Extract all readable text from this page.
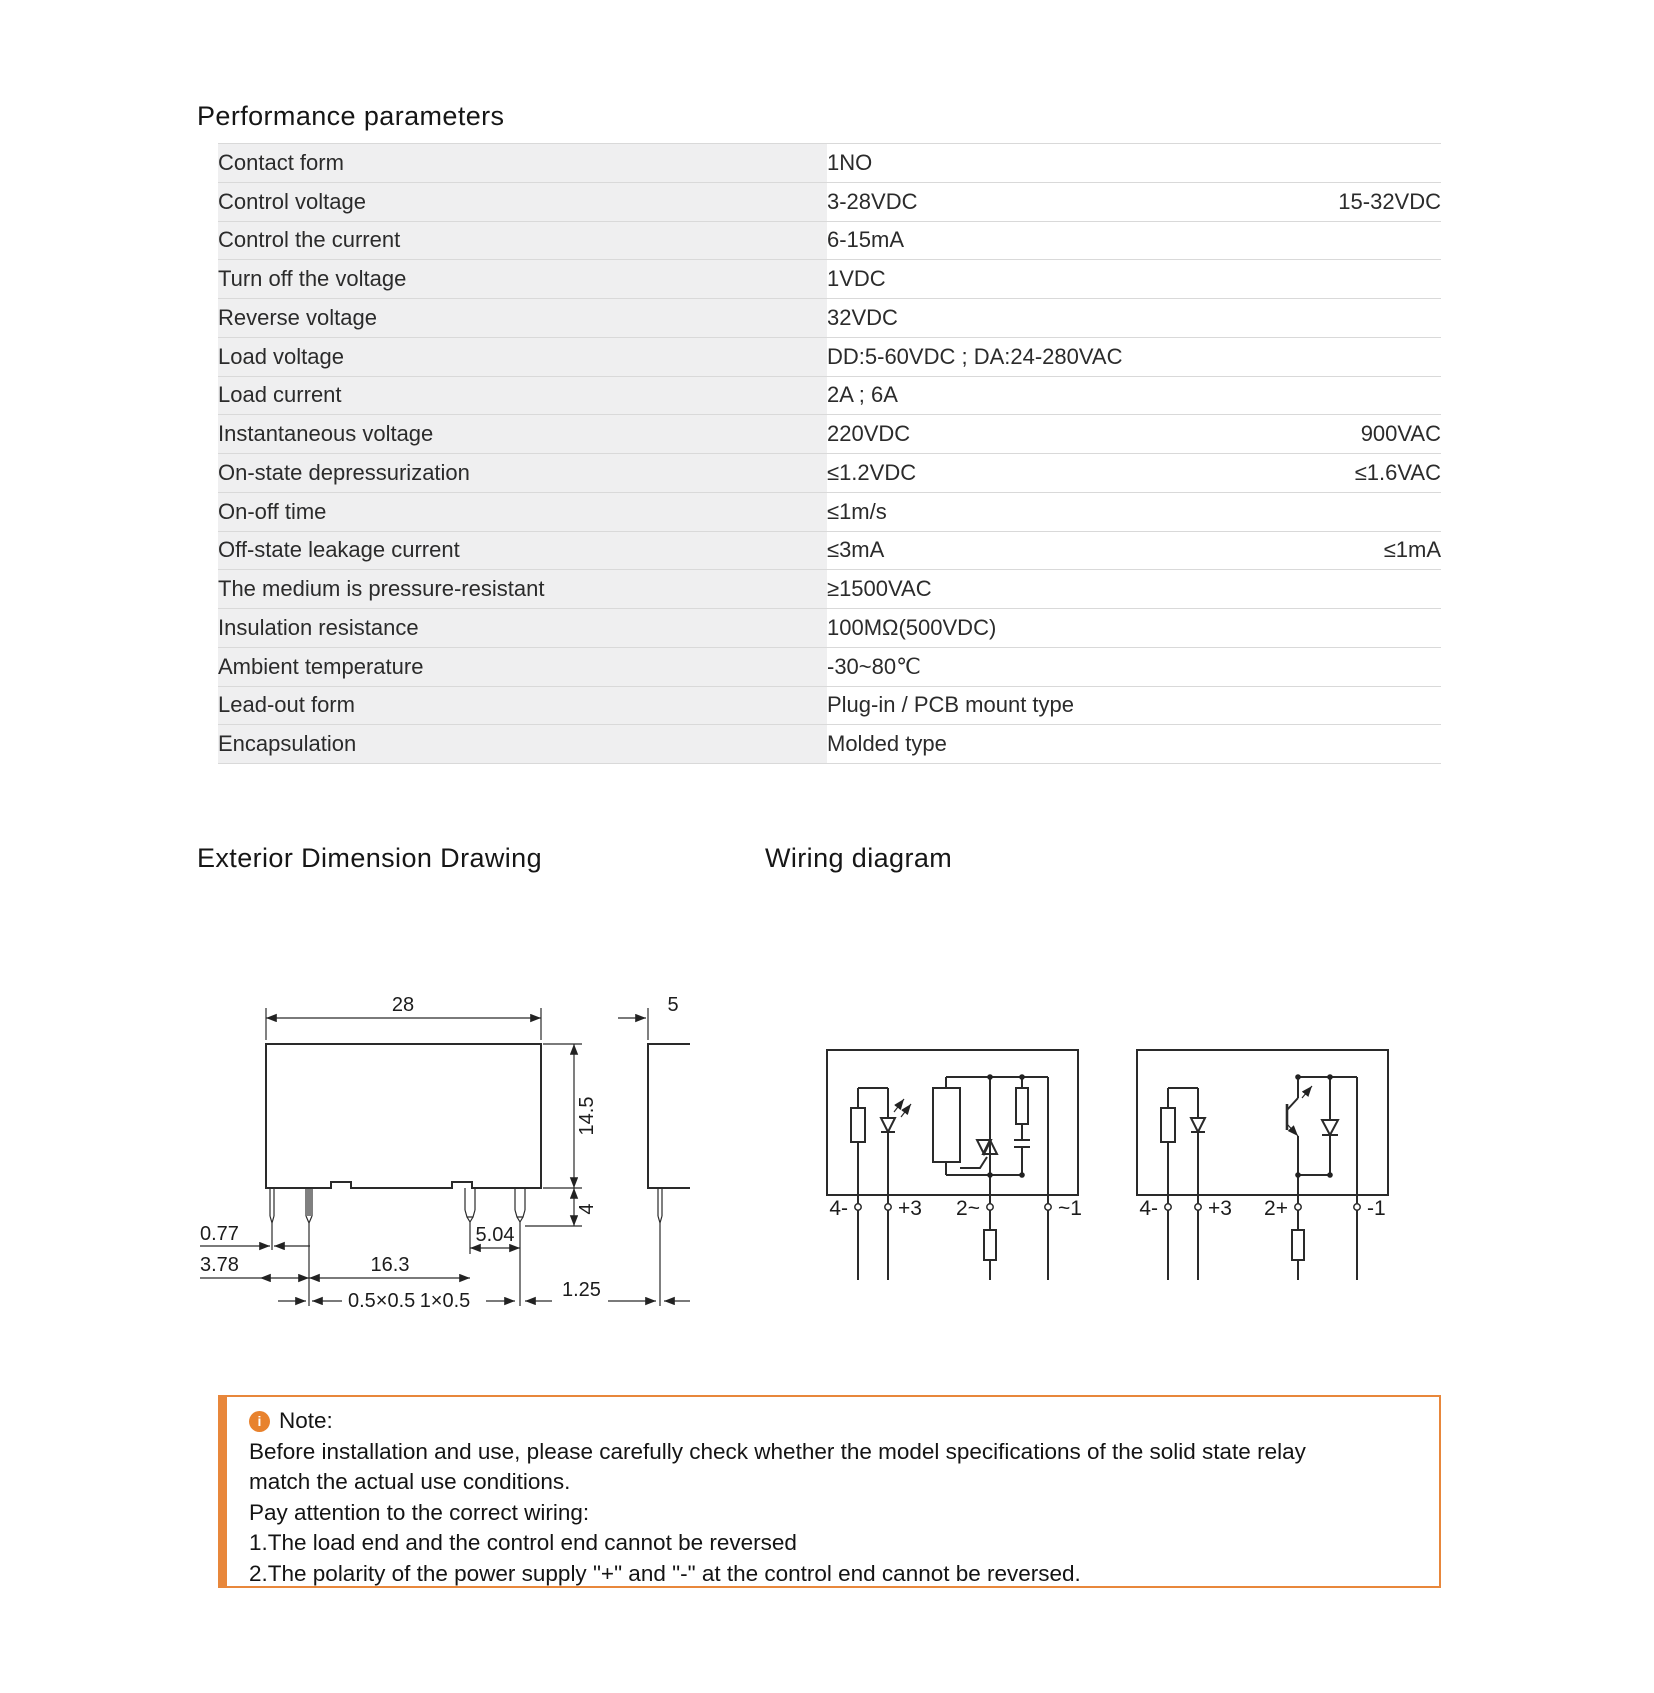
Performance parameters
Contact form	1NO

Control voltage	3-28VDC 15-32VDC

Control the current	6-15mA

Turn off the voltage	1VDC

Reverse voltage	32VDC

Load voltage	DD:5-60VDC ; DA:24-280VAC

Load current	2A ; 6A

Instantaneous voltage	220VDC 900VAC

On-state depressurization	≤1.2VDC ≤1.6VAC

On-off time	≤1m/s

Off-state leakage current	≤3mA ≤1mA

The medium is pressure-resistant	≥1500VAC

Insulation resistance	100MΩ(500VDC)

Ambient temperature	-30~80℃

Lead-out form	Plug-in / PCB mount type

Encapsulation	Molded type
Exterior Dimension Drawing	Wiring diagram
28
14.5
4
0.77	5.04
3.78	16.3
0.5×0.5 1×0.5
5
1.25
4- +3 2~	~1	4- +3 2+	-1
i Note:
Before installation and use, please carefully check whether the model specifications of the solid state relay
match the actual use conditions.
Pay attention to the correct wiring:
1.The load end and the control end cannot be reversed
2.The polarity of the power supply "+" and "-" at the control end cannot be reversed.
